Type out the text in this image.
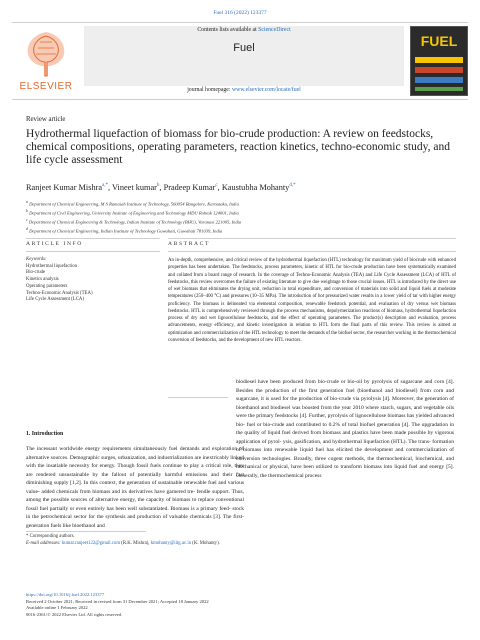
Fuel 316 (2022) 123377
ELSEVIER
Contents lists available at ScienceDirect
Fuel
journal homepage: www.elsevier.com/locate/fuel
FUEL
Review article
Hydrothermal liquefaction of biomass for bio-crude production: A review on feedstocks, chemical compositions, operating parameters, reaction kinetics, techno-economic study, and life cycle assessment
Ranjeet Kumar Mishra$^{a,*}$, Vineet kumar$^b$, Pradeep Kumar$^c$, Kaustubha Mohanty$^{d,*}$
$^a$ Department of Chemical Engineering, M S Ramaiah Institute of Technology, 560054 Bangalore, Karnataka, India
$^b$ Department of Civil Engineering, University Institute of Engineering and Technology MDU Rohtak 124001, India
$^c$ Department of Chemical Engineering & Technology, Indian Institute of Technology (BHU), Varanasi 221005, India
$^d$ Department of Chemical Engineering, Indian Institute of Technology Guwahati, Guwahati 781039, India
ARTICLE INFO	ABSTRACT
Keywords:
Hydrothermal liquefaction
Bio-crude
Kinetics analysis
Operating parameters
Techno-Economic Analysis (TEA)
Life Cycle Assessment (LCA)
An in-depth, comprehensive, and critical review of the hydrothermal liquefaction (HTL) technology for maximum yield of biocrude with enhanced properties has been undertaken. The feedstocks, process parameters, kinetic of HTL for bio-crude production have been systematically examined and collated from a board range of research. In the coverage of Techno-Economic Analysis (TEA) and Life Cycle Assessment (LCA) of HTL of feedstocks, this review overcomes the failure of existing literature to give due weightage to those crucial issues. HTL is introduced by the direct use of wet biomass that eliminates the drying unit, reduction in total expenditure, and conversion of materials into solid and liquid fuels at moderate temperatures (250–400 °C) and pressures (10–35 MPa). The introduction of hot pressurized water results in a lower yield of tar with higher energy proficiency. The biomass is delineated via elemental composition, renewable feedstock potential, and evaluation of dry versus wet biomass feedstocks. HTL is comprehensively reviewed through the process mechanisms, depolymerization reactions of biomass, hydrothermal liquefaction process of dry and wet lignocellulose feedstocks, and the effect of operating parameters. The product(s) description and evaluation, process advancements, energy efficiency, and kinetic investigation in relation to HTL form the final parts of this review. This review is aimed at optimization and commercialization of the HTL technology to meet the demands of the biofuel sector, the researcher working in the thermochemical conversion of feedstocks, and the development of new HTL reactors.
1. Introduction
The incessant worldwide energy requirements simultaneously fuel demands and exploration of alternative sources. Demographic surges, urbanization, and industrialization are inextricably linked with the insatiable necessity for energy. Though fossil fuels continue to play a critical role, they are rendered unsustainable by the fallout of potentially harmful emissions and their fast diminishing supply [1,2]. In this context, the generation of sustainable renewable fuel and various value- added chemicals from biomass and its derivatives have garnered tre- fendle support. Thus, among the possible sources of alternative energy, the capacity of biomass to replace conventional fossil fuel partially or even entirely has been well substantiated. Biomass is a primary feed- stock in the petrochemical sector for the synthesis and production of valuable chemicals [3]. The first- generation fuels like bioethanol and
biodiesel have been produced from bio-crude or bio-oil by pyrolysis of sugarcane and corn [4]. Besides the production of the first generation fuel (bioethanol and biodiesel) from corn and sugarcane, it is used for the production of bio-crude via pyrolysis [4]. Moreover, the generation of bioethanol and biodiesel was boosted from the year 2010 where starch, sugars, and vegetable oils were the primary feedstocks [4]. Further, pyrolysis of lignocellulose biomass has yielded advanced bio- fuel or bio-crude and contributed to 0.2% of total biofuel generation [4]. The upgradation in the quality of liquid fuel derived from biomass and plastics have been made possible by vigorous application of pyrol- ysis, gasification, and hydrothermal liquefaction (HTL). The trans- formation of biomass into renewable liquid fuel has elicited the development and commercialization of conversion technologies. Broadly, three cogent methods, the thermochemical, biochemical, and mechanical or physical, have been utilized to transform biomass into liquid fuel and energy [5]. Generally, the thermochemical process
* Corresponding authors.
E-mail addresses: kumar.ranjeet122@gmail.com (R.K. Mishra), kmohanty@iitg.ac.in (K. Mohanty).
https://doi.org/10.1016/j.fuel.2022.123377
Received 2 October 2021; Received in revised form 31 December 2021; Accepted 18 January 2022
Available online 1 February 2022
0016-2361/© 2022 Elsevier Ltd. All rights reserved.
